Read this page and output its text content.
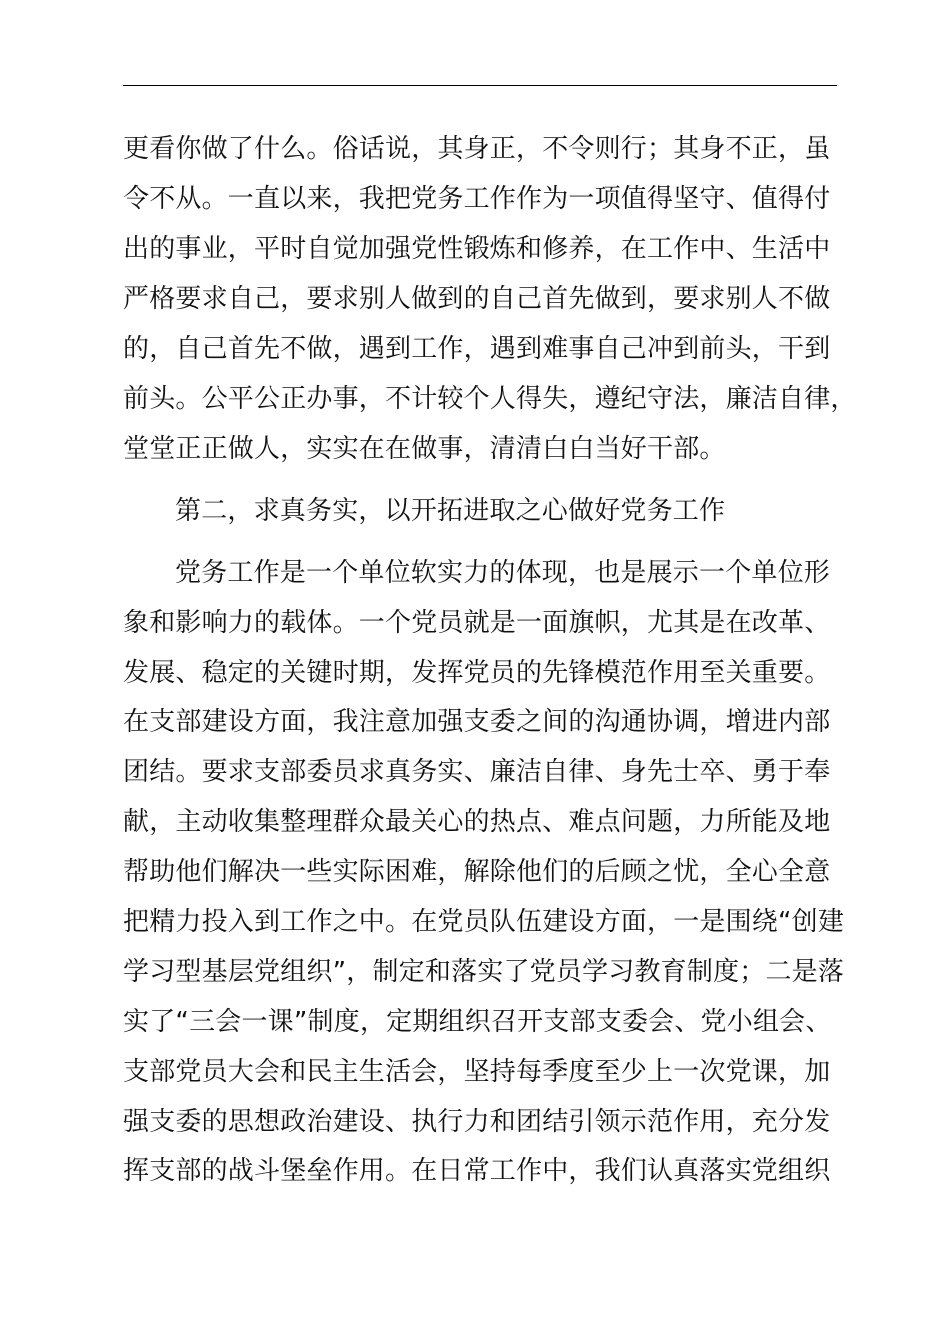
更看你做了什么。俗话说，其身正，不令则行；其身不正，虽
令不从。一直以来，我把党务工作作为一项值得坚守、值得付
出的事业，平时自觉加强党性锻炼和修养，在工作中、生活中
严格要求自己，要求别人做到的自己首先做到，要求别人不做
的，自己首先不做，遇到工作，遇到难事自己冲到前头，干到
前头。公平公正办事，不计较个人得失，遵纪守法，廉洁自律，
堂堂正正做人，实实在在做事，清清白白当好干部。
第二，求真务实，以开拓进取之心做好党务工作
党务工作是一个单位软实力的体现，也是展示一个单位形
象和影响力的载体。一个党员就是一面旗帜，尤其是在改革、
发展、稳定的关键时期，发挥党员的先锋模范作用至关重要。
在支部建设方面，我注意加强支委之间的沟通协调，增进内部
团结。要求支部委员求真务实、廉洁自律、身先士卒、勇于奉
献，主动收集整理群众最关心的热点、难点问题，力所能及地
帮助他们解决一些实际困难，解除他们的后顾之忧，全心全意
把精力投入到工作之中。在党员队伍建设方面，一是围绕“创建
学习型基层党组织”，制定和落实了党员学习教育制度；二是落
实了“三会一课”制度，定期组织召开支部支委会、党小组会、
支部党员大会和民主生活会，坚持每季度至少上一次党课，加
强支委的思想政治建设、执行力和团结引领示范作用，充分发
挥支部的战斗堡垒作用。在日常工作中，我们认真落实党组织
